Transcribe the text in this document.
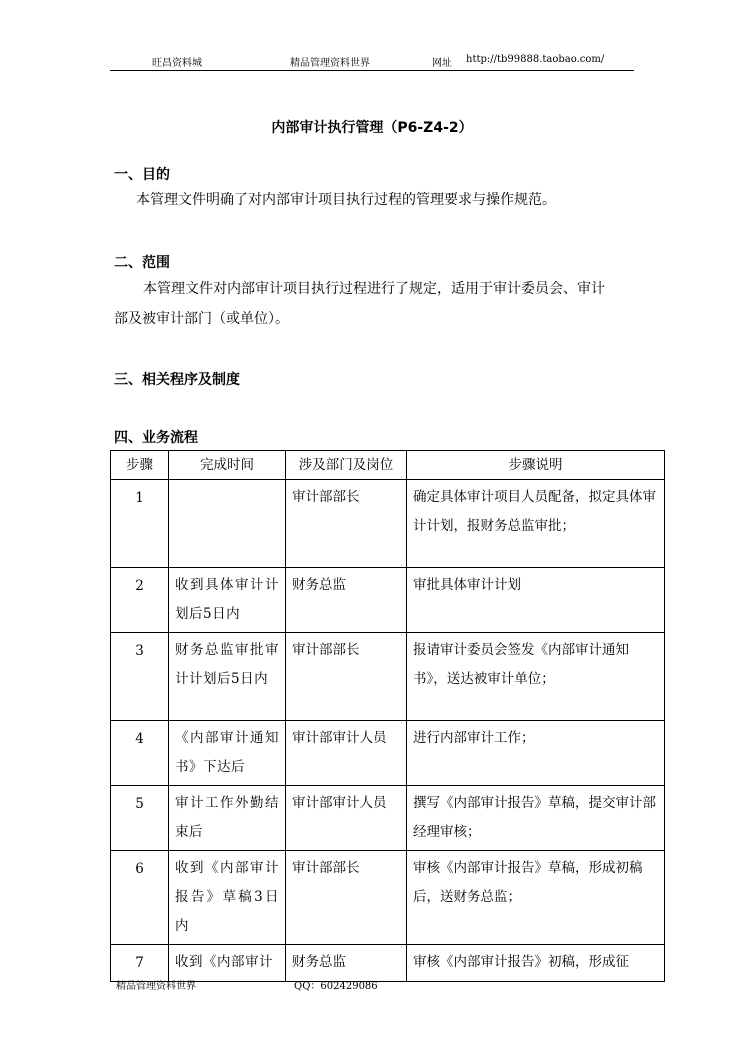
旺昌资料城	精品管理资料世界	网址 http://tb99888.taobao.com/
内部审计执行管理（P6-Z4-2）
一、目的
本管理文件明确了对内部审计项目执行过程的管理要求与操作规范。
二、范围
本管理文件对内部审计项目执行过程进行了规定，适用于审计委员会、审计
部及被审计部门（或单位）。
三、相关程序及制度
四、业务流程
步骤	完成时间	涉及部门及岗位	步骤说明
1		审计部部长	确定具体审计项目人员配备，拟定具体审计计划，报财务总监审批；
2	收到具体审计计划后5日内	财务总监	审批具体审计计划
3	财务总监审批审计计划后5日内	审计部部长	报请审计委员会签发《内部审计通知书》，送达被审计单位；
4	《内部审计通知书》下达后	审计部审计人员	进行内部审计工作；
5	审计工作外勤结束后	审计部审计人员	撰写《内部审计报告》草稿，提交审计部经理审核；
6	收到《内部审计报告》草稿3日内	审计部部长	审核《内部审计报告》草稿，形成初稿后，送财务总监；
7	收到《内部审计	财务总监	审核《内部审计报告》初稿，形成征
精品管理资料世界	QQ：602429086
